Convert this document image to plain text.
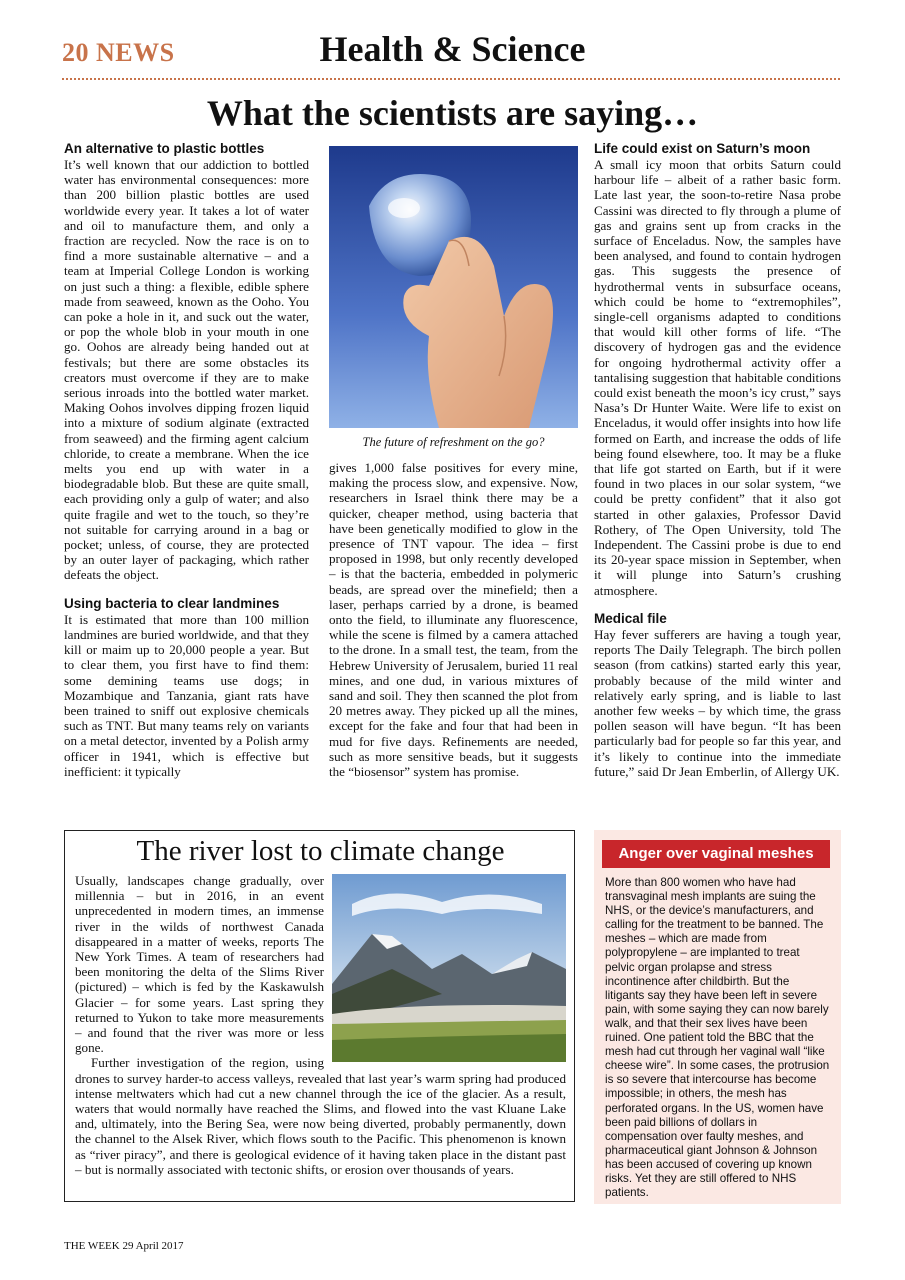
20 NEWS	Health & Science
What the scientists are saying…
An alternative to plastic bottles

It’s well known that our addiction to bottled water has environmental consequences: more than 200 billion plastic bottles are used worldwide every year. It takes a lot of water and oil to manufacture them, and only a fraction are recycled. Now the race is on to find a more sustainable alternative – and a team at Imperial College London is working on just such a thing: a flexible, edible sphere made from seaweed, known as the Ooho. You can poke a hole in it, and suck out the water, or pop the whole blob in your mouth in one go. Oohos are already being handed out at festivals; but there are some obstacles its creators must overcome if they are to make serious inroads into the bottled water market. Making Oohos involves dipping frozen liquid into a mixture of sodium alginate (extracted from seaweed) and the firming agent calcium chloride, to create a membrane. When the ice melts you end up with water in a biodegradable blob. But these are quite small, each providing only a gulp of water; and also quite fragile and wet to the touch, so they’re not suitable for carrying around in a bag or pocket; unless, of course, they are protected by an outer layer of packaging, which rather defeats the object.

Using bacteria to clear landmines

It is estimated that more than 100 million landmines are buried worldwide, and that they kill or maim up to 20,000 people a year. But to clear them, you first have to find them: some demining teams use dogs; in Mozambique and Tanzania, giant rats have been trained to sniff out explosive chemicals such as TNT. But many teams rely on variants on a metal detector, invented by a Polish army officer in 1941, which is effective but inefficient: it typically

The future of refreshment on the go?

gives 1,000 false positives for every mine, making the process slow, and expensive. Now, researchers in Israel think there may be a quicker, cheaper method, using bacteria that have been genetically modified to glow in the presence of TNT vapour. The idea – first proposed in 1998, but only recently developed – is that the bacteria, embedded in polymeric beads, are spread over the minefield; then a laser, perhaps carried by a drone, is beamed onto the field, to illuminate any fluorescence, while the scene is filmed by a camera attached to the drone. In a small test, the team, from the Hebrew University of Jerusalem, buried 11 real mines, and one dud, in various mixtures of sand and soil. They then scanned the plot from 20 metres away. They picked up all the mines, except for the fake and four that had been in mud for five days. Refinements are needed, such as more sensitive beads, but it suggests the “biosensor” system has promise.

Life could exist on Saturn’s moon

A small icy moon that orbits Saturn could harbour life – albeit of a rather basic form. Late last year, the soon-to-retire Nasa probe Cassini was directed to fly through a plume of gas and grains sent up from cracks in the surface of Enceladus. Now, the samples have been analysed, and found to contain hydrogen gas. This suggests the presence of hydrothermal vents in subsurface oceans, which could be home to “extremophiles”, single-cell organisms adapted to conditions that would kill other forms of life. “The discovery of hydrogen gas and the evidence for ongoing hydrothermal activity offer a tantalising suggestion that habitable conditions could exist beneath the moon’s icy crust,” says Nasa’s Dr Hunter Waite. Were life to exist on Enceladus, it would offer insights into how life formed on Earth, and increase the odds of life being found elsewhere, too. It may be a fluke that life got started on Earth, but if it were found in two places in our solar system, “we could be pretty confident” that it also got started in other galaxies, Professor David Rothery, of The Open University, told The Independent. The Cassini probe is due to end its 20-year space mission in September, when it will plunge into Saturn’s crushing atmosphere.

Medical file

Hay fever sufferers are having a tough year, reports The Daily Telegraph. The birch pollen season (from catkins) started early this year, probably because of the mild winter and relatively early spring, and is liable to last another few weeks – by which time, the grass pollen season will have begun. “It has been particularly bad for people so far this year, and it’s likely to continue into the immediate future,” said Dr Jean Emberlin, of Allergy UK.

The river lost to climate change

Usually, landscapes change gradually, over millennia – but in 2016, in an event unprecedented in modern times, an immense river in the wilds of northwest Canada disappeared in a matter of weeks, reports The New York Times. A team of researchers had been monitoring the delta of the Slims River (pictured) – which is fed by the Kaskawulsh Glacier – for some years. Last spring they returned to Yukon to take more measurements – and found that the river was more or less gone.

Further investigation of the region, using drones to survey harder-to access valleys, revealed that last year’s warm spring had produced intense meltwaters which had cut a new channel through the ice of the glacier. As a result, waters that would normally have reached the Slims, and flowed into the vast Kluane Lake and, ultimately, into the Bering Sea, were now being diverted, probably permanently, down the channel to the Alsek River, which flows south to the Pacific. This phenomenon is known as “river piracy”, and there is geological evidence of it having taken place in the distant past – but is normally associated with tectonic shifts, or erosion over thousands of years.

Anger over vaginal meshes
More than 800 women who have had transvaginal mesh implants are suing the NHS, or the device’s manufacturers, and calling for the treatment to be banned. The meshes – which are made from polypropylene – are implanted to treat pelvic organ prolapse and stress incontinence after childbirth. But the litigants say they have been left in severe pain, with some saying they can now barely walk, and that their sex lives have been ruined. One patient told the BBC that the mesh had cut through her vaginal wall “like cheese wire”. In some cases, the protrusion is so severe that intercourse has become impossible; in others, the mesh has perforated organs. In the US, women have been paid billions of dollars in compensation over faulty meshes, and pharmaceutical giant Johnson & Johnson has been accused of covering up known risks. Yet they are still offered to NHS patients.
THE WEEK 29 April 2017
